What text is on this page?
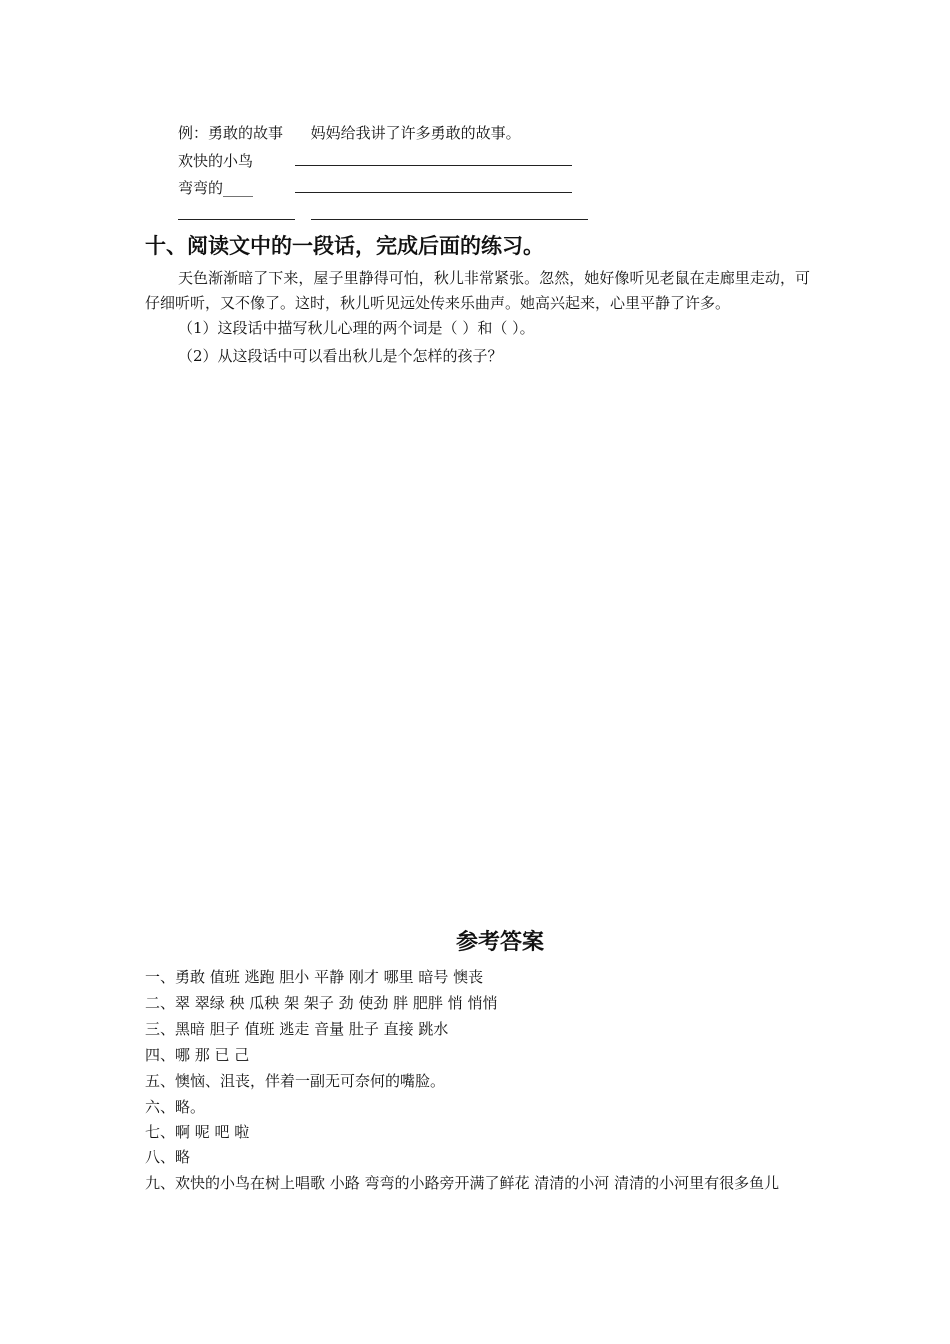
例：勇敢的故事 妈妈给我讲了许多勇敢的故事。
欢快的小鸟
弯弯的____
十、阅读文中的一段话，完成后面的练习。
天色渐渐暗了下来，屋子里静得可怕，秋儿非常紧张。忽然，她好像听见老鼠在走廊里走动，可仔细听听，又不像了。这时，秋儿听见远处传来乐曲声。她高兴起来，心里平静了许多。
（1）这段话中描写秋儿心理的两个词是（ ）和（ ）。
（2）从这段话中可以看出秋儿是个怎样的孩子？
参考答案
一、勇敢 值班 逃跑 胆小 平静 刚才 哪里 暗号 懊丧
二、翠 翠绿 秧 瓜秧 架 架子 劲 使劲 胖 肥胖 悄 悄悄
三、黑暗 胆子 值班 逃走 音量 肚子 直接 跳水
四、哪 那 已 己
五、懊恼、沮丧，伴着一副无可奈何的嘴脸。
六、略。
七、啊 呢 吧 啦
八、略
九、欢快的小鸟在树上唱歌 小路 弯弯的小路旁开满了鲜花 清清的小河 清清的小河里有很多鱼儿
